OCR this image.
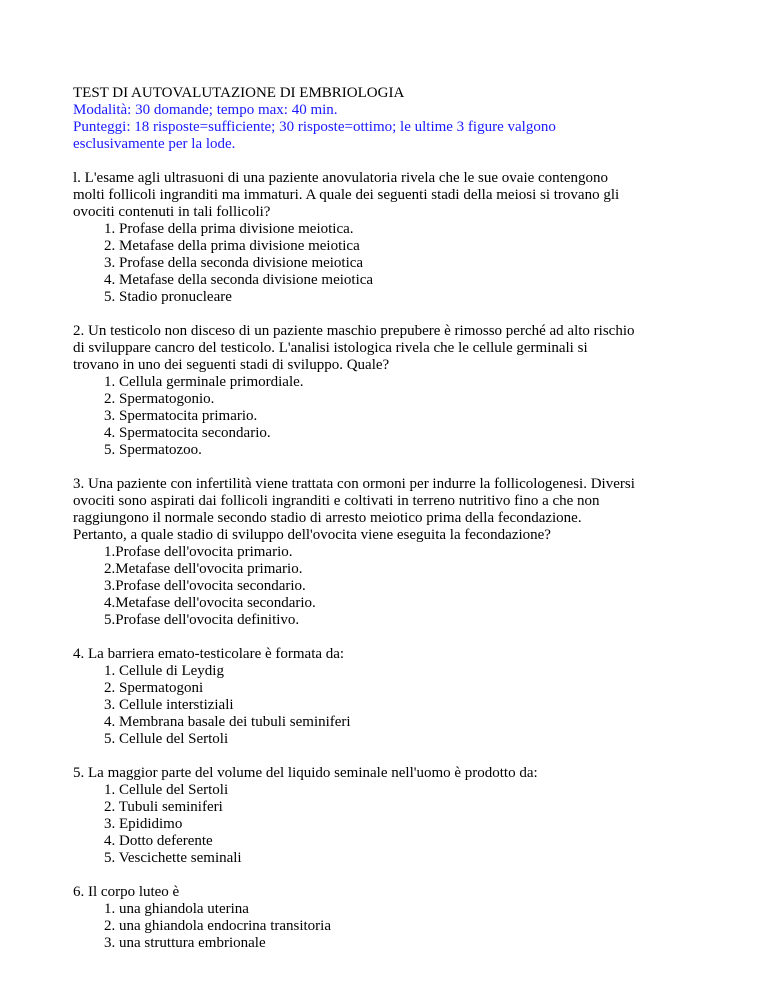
TEST DI AUTOVALUTAZIONE DI EMBRIOLOGIA
Modalità: 30 domande; tempo max: 40 min.
Punteggi: 18 risposte=sufficiente; 30 risposte=ottimo; le ultime 3 figure valgono
esclusivamente per la lode.
l. L'esame agli ultrasuoni di una paziente anovulatoria rivela che le sue ovaie contengono
molti follicoli ingranditi ma immaturi. A quale dei seguenti stadi della meiosi si trovano gli
ovociti contenuti in tali follicoli?
1. Profase della prima divisione meiotica.
2. Metafase della prima divisione meiotica
3. Profase della seconda divisione meiotica
4. Metafase della seconda divisione meiotica
5. Stadio pronucleare
2. Un testicolo non disceso di un paziente maschio prepubere è rimosso perché ad alto rischio
di sviluppare cancro del testicolo. L'analisi istologica rivela che le cellule germinali si
trovano in uno dei seguenti stadi di sviluppo. Quale?
1. Cellula germinale primordiale.
2. Spermatogonio.
3. Spermatocita primario.
4. Spermatocita secondario.
5. Spermatozoo.
3. Una paziente con infertilità viene trattata con ormoni per indurre la follicologenesi. Diversi
ovociti sono aspirati dai follicoli ingranditi e coltivati in terreno nutritivo fino a che non
raggiungono il normale secondo stadio di arresto meiotico prima della fecondazione.
Pertanto, a quale stadio di sviluppo dell'ovocita viene eseguita la fecondazione?
1.Profase dell'ovocita primario.
2.Metafase dell'ovocita primario.
3.Profase dell'ovocita secondario.
4.Metafase dell'ovocita secondario.
5.Profase dell'ovocita definitivo.
4. La barriera emato-testicolare è formata da:
1. Cellule di Leydig
2. Spermatogoni
3. Cellule interstiziali
4. Membrana basale dei tubuli seminiferi
5. Cellule del Sertoli
5. La maggior parte del volume del liquido seminale nell'uomo è prodotto da:
1. Cellule del Sertoli
2. Tubuli seminiferi
3. Epididimo
4. Dotto deferente
5. Vescichette seminali
6. Il corpo luteo è
1. una ghiandola uterina
2. una ghiandola endocrina transitoria
3. una struttura embrionale
